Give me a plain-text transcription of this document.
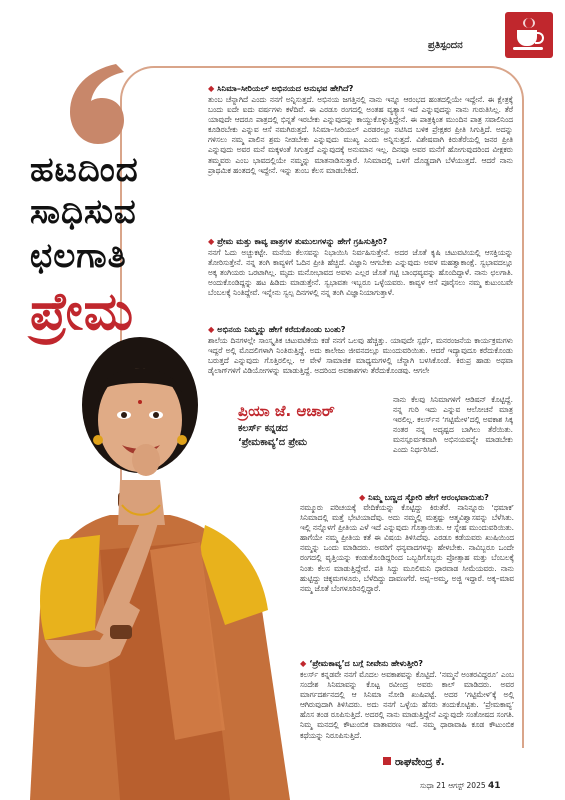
ಪ್ರತಿಸ್ಪಂದನ
ಹಟದಿಂದ
ಸಾಧಿಸುವ
ಛಲಗಾತಿ
ಪ್ರೇಮ
ಪ್ರಿಯಾ ಜೆ. ಆಚಾರ್
ಕಲರ್ಸ್ ಕನ್ನಡದ
‘ಪ್ರೇಮಕಾವ್ಯ’ದ ಪ್ರೇಮ
◆ ಸಿನಿಮಾ–ಸೀರಿಯಲ್ ಅಭಿನಯದ ಅನುಭವ ಹೇಗಿದೆ?
ತುಂಬ ಚೆನ್ನಾಗಿದೆ ಎಂದು ನನಗೆ ಅನ್ನಿಸುತ್ತದೆ. ಅಭಿನಯ ಜಗತ್ತಿನಲ್ಲಿ ನಾನು ಇನ್ನೂ ಆರಂಭದ ಹಂತದಲ್ಲಿಯೇ ಇದ್ದೇನೆ. ಈ ಕ್ಷೇತ್ರಕ್ಕೆ ಬಂದು ಐದೇ ಐದು ವರ್ಷಗಳು ಕಳೆದಿವೆ. ಈ ಎರಡೂ ರಂಗದಲ್ಲಿ ಅಂತಹ ವ್ಯತ್ಯಾಸ ಇದೆ ಎನ್ನುವುದನ್ನು ನಾನು ಗುರುತಿಸಿಲ್ಲ. ತೆರೆ ಯಾವುದೇ ಆದರೂ ಪಾತ್ರದಲ್ಲಿ ಭಿನ್ನತೆ ಇರಬೇಕು ಎನ್ನುವುದನ್ನು ಕಾಯ್ದುಕೊಳ್ಳುತ್ತಿದ್ದೇನೆ. ಈ ಪಾತ್ರಕ್ಕಿಂತ ಮುಂದಿನ ಪಾತ್ರ ಸವಾಲಿನಿಂದ ಕೂಡಿರಬೇಕು ಎನ್ನುವ ಆಸೆ ನಮಗಿರುತ್ತದೆ. ಸಿನಿಮಾ–ಸೀರಿಯಲ್ ಎರಡರಲ್ಲೂ ನಟಿಸಿದ ಬಳಿಕ ಪ್ರೇಕ್ಷಕರ ಪ್ರೀತಿ ಸಿಗುತ್ತಿದೆ. ಅದನ್ನು ಗಳಿಸಲು ನಮ್ಮ ಪಾಲಿನ ಶ್ರಮ ನೀಡಬೇಕು ಎನ್ನುವುದು ಮುಖ್ಯ ಎಂದು ಅನ್ನಿಸುತ್ತದೆ. ವಿಶೇಷವಾಗಿ ಕಿರುತೆರೆಯಲ್ಲಿ ಜನರ ಪ್ರೀತಿ ಎನ್ನುವುದು ಅವರ ಮನೆ ಮಕ್ಕಳಂತೆ ಸಿಗುತ್ತದೆ ಎನ್ನುವುದಕ್ಕೆ ಅನುಮಾನ ಇಲ್ಲ. ದಿನವೂ ಅವರ ಮನೆಗೆ ಹೋಗುವುದರಿಂದ ವೀಕ್ಷಕರು ತಮ್ಮವರು ಎಂಬ ಭಾವದಲ್ಲಿಯೇ ನಮ್ಮನ್ನು ಮಾತನಾಡಿಸುತ್ತಾರೆ. ಸಿನಿಮಾದಲ್ಲಿ ಒಳಗೆ ದೊಡ್ಡದಾಗಿ ಬೆಳೆಯುತ್ತದೆ. ಆದರೆ ನಾನು ಪ್ರಾಥಮಿಕ ಹಂತದಲ್ಲಿ ಇದ್ದೇನೆ. ಇನ್ನು ತುಂಬ ಕೆಲಸ ಮಾಡಬೇಕಿದೆ.
◆ ಪ್ರೇಮ ಮತ್ತು ಕಾವ್ಯ ಪಾತ್ರಗಳ ತುಮುಲಗಳನ್ನು ಹೇಗೆ ಗ್ರಹಿಸುತ್ತೀರಿ?
ನನಗೆ ಓದು ಅಚ್ಚುಕಟ್ಟೇ. ಮನೆಯ ಕೆಲಸವನ್ನು ನಿಭಾಯಿಸಿ ನಿರ್ವಹಿಸುತ್ತೇನೆ. ಅದರ ಜೊತೆ ಕೃಷಿ ಚಟುವಟಿಯಲ್ಲಿ ಆಸಕ್ತಿಯನ್ನು ತೋರಿಸುತ್ತೇನೆ. ನನ್ನ ತಂಗಿ ಕಾವ್ಯಳಿಗೆ ಓದಿನ ಪ್ರೀತಿ ಹೆಚ್ಚಿದೆ. ವಿಜ್ಞಾನಿ ಆಗಬೇಕು ಎನ್ನುವುದು ಅವಳ ಮಹತ್ವಾಕಾಂಕ್ಷೆ. ಸ್ವಭಾವದಲ್ಲೂ ಅಕ್ಕ ತಂಗಿಯರು ಒರಟಾಗಿಲ್ಲ. ಮೃದು ಮನೋಭಾವದ ಅವಳು ಎಲ್ಲರ ಜೊತೆ ಗಟ್ಟಿ ಬಾಂಧವ್ಯವನ್ನು ಹೊಂದಿದ್ದಾಳೆ. ನಾನು ಛಲಗಾತಿ. ಅಂದುಕೊಂಡಿದ್ದನ್ನು ಹಟ ಹಿಡಿದು ಮಾಡುತ್ತೇನೆ. ಸ್ವಭಾವತಃ ಇಬ್ಬರೂ ಒಳ್ಳೆಯವರು. ಕಾವ್ಯಳ ಆಸೆ ಪೂರೈಸಲು ನಮ್ಮ ಕುಟುಂಬವೇ ಬೆಂಬಲಕ್ಕೆ ನಿಂತಿದ್ದೇವೆ. ಇನ್ನೇನು ಸ್ವಲ್ಪ ದಿನಗಳಲ್ಲಿ ನನ್ನ ತಂಗಿ ವಿಜ್ಞಾನಿಯಾಗುತ್ತಾಳೆ.
◆ ಅಭಿನಯ ನಿಮ್ಮನ್ನು ಹೇಗೆ ಕರೆದುಕೊಂಡು ಬಂತು?
ಶಾಲೆಯ ದಿನಗಳಲ್ಲೇ ಸಾಂಸ್ಕೃತಿಕ ಚಟುವಟಿಕೆಯ ಕಡೆ ನನಗೆ ಒಲವು ಹೆಚ್ಚಿತ್ತು. ಯಾವುದೇ ಸ್ಪರ್ಧೆ, ಮನರಂಜನೆಯ ಕಾರ್ಯಕ್ರಮಗಳು ಇದ್ದರೆ ಅಲ್ಲಿ ಮೊದಲಿಗಳಾಗಿ ನಿಂತಿರುತ್ತಿದ್ದೆ. ಅದು ಕಾಲೇಜು ಜೀವನದಲ್ಲೂ ಮುಂದುವರಿಯಿತು. ಆದರೆ ಇದ್ಯಾವುದೂ ಕರೆದುಕೊಂಡು ಬರುತ್ತದೆ ಎನ್ನುವುದು ಗೊತ್ತಿರಲಿಲ್ಲ. ಆ ವೇಳೆ ಸಾಮಾಜಿಕ ಮಾಧ್ಯಮಗಳಲ್ಲಿ ಚೆನ್ನಾಗಿ ಬಳಸಿಕೊಂಡೆ. ಕಿರುಪ್ರ ಹಾಡು ಅಥವಾ ಡೈಲಾಗ್‌ಗಳಿಗೆ ವಿಡಿಯೋಗಳನ್ನು ಮಾಡುತ್ತಿದ್ದೆ. ಅದರಿಂದ ಅವಕಾಶಗಳು ತೆರೆದುಕೊಂಡವು. ಆಗಲೇ
ನಾನು ಕೆಲವು ಸಿನಿಮಾಗಳಿಗೆ ಆಡಿಷನ್ ಕೊಟ್ಟಿದ್ದೆ. ನನ್ನ ಗುರಿ ಇದು ಎನ್ನುವ ಆಲೋಚನೆ ಮಾತ್ರ ಇರಲಿಲ್ಲ. ಕಲರ್ಸ್‌ನ ‘ಗಟ್ಟಿಮೇಳ’ದಲ್ಲಿ ಅವಕಾಶ ಸಿಕ್ಕ ನಂತರ ನನ್ನ ಅದೃಷ್ಟದ ಬಾಗಿಲು ತೆರೆಯಿತು. ಮನಸ್ಪೂರ್ವಕವಾಗಿ ಅಭಿನಯವನ್ನೇ ಮಾಡಬೇಕು ಎಂದು ನಿರ್ಧರಿಸಿದೆ.
◆ ನಿಮ್ಮ ಬಣ್ಣದ ಸ್ಟೋರಿ ಹೇಗೆ ಆರಂಭವಾಯಿತು?
ನಮ್ಮೂರು ಪರಿಚಯಕ್ಕೆ ವೇದಿಕೆಯನ್ನು ಕೊಟ್ಟಿದ್ದು ಕಿರುತೆರೆ. ನಾನಿನ್ನೂರು ‘ಧಮಾಕ’ ಸಿನಿಮಾದಲ್ಲಿ ಮತ್ತೆ ಭೇಟಿಯಾದೆವು. ಅದು ನಮ್ಮಲ್ಲಿ ಮತ್ತಷ್ಟು ಆತ್ಮವಿಶ್ವಾಸವನ್ನು ಬೆಳೆಸಿತು. ಇಲ್ಲಿ ನನ್ನೊಳಗೆ ಪ್ರೀತಿಯ ಎಳೆ ಇದೆ ಎನ್ನುವುದು ಗೊತ್ತಾಯಿತು. ಆ ಸ್ನೇಹ ಮುಂದುವರಿಯಿತು. ಹಾಗೆಯೇ ನಮ್ಮ ಪ್ರೀತಿಯ ಕತೆ ಈ ವಿಷಯ ತಿಳಿಸಿದೆವು. ಎರಡೂ ಕಡೆಯವರು ಖುಷಿಯಿಂದ ನಮ್ಮನ್ನು ಒಂದು ಮಾಡಿದರು. ಅವರಿಗೆ ಧನ್ಯವಾದಗಳನ್ನು ಹೇಳಬೇಕು. ನಾವಿಬ್ಬರೂ ಒಂದೇ ರಂಗದಲ್ಲಿ ವೃತ್ತಿಯನ್ನು ಕಂಡುಕೊಂಡಿದ್ದರಿಂದ ಒಬ್ಬರಿಗೊಬ್ಬರು ಪ್ರೋತ್ಸಾಹ ಮತ್ತು ಬೆಂಬಲಕ್ಕೆ ನಿಂತು ಕೆಲಸ ಮಾಡುತ್ತಿದ್ದೇವೆ. ಪತಿ ಸಿದ್ದು ಮೂಲಿಮನಿ ಧಾರವಾಡ ಸೀಮೆಯವರು. ನಾನು ಹುಟ್ಟಿದ್ದು ಚಿಕ್ಕಮಗಳೂರು, ಬೆಳೆದಿದ್ದು ದಾವಣಗೆರೆ. ಅಪ್ಪ–ಅಮ್ಮ, ಅಜ್ಜಿ ಇದ್ದಾರೆ. ಅಕ್ಕ–ಮಾವ ನಮ್ಮ ಜೊತೆ ಬೆಂಗಳೂರಿನಲ್ಲಿದ್ದಾರೆ.
◆ ‘ಪ್ರೇಮಕಾವ್ಯ’ದ ಬಗ್ಗೆ ನೀವೇನು ಹೇಳುತ್ತೀರಿ?
ಕಲರ್ಸ್ ಕನ್ನಡವೇ ನನಗೆ ಮೊದಲ ಅವಕಾಶವನ್ನು ಕೊಟ್ಟಿದೆ. ‘ನಮ್ಮನೆ ಅಂತರವಿದ್ದರೂ’ ಎಂಬ ಸಂದೇಶ ಸಿನಿಮಾವನ್ನು ಕೊಟ್ಟ ರವೀಂದ್ರ ಅವರು ಕಾಲ್ ಮಾಡಿದರು. ಅವರ ಮಾರ್ಗದರ್ಶನದಲ್ಲಿ ಆ ಸಿನಿಮಾ ನೋಡಿ ಖುಷಿಪಟ್ಟೆ. ಅದರ ‘ಗಟ್ಟಿಮೇಳ’ಕ್ಕೆ ಅಲ್ಲಿ ಆಗಿರುವುದಾಗಿ ತಿಳಿಸಿದರು. ಅದು ನನಗೆ ಒಳ್ಳೆಯ ಹೆಸರು ತಂದುಕೊಟ್ಟಿತು. ‘ಪ್ರೇಮಕಾವ್ಯ’ ಹೊಸ ತಂಡ ರೂಪಿಸುತ್ತಿದೆ. ಅದರಲ್ಲಿ ನಾನು ಮಾಡುತ್ತಿದ್ದೇನೆ ಎನ್ನುವುದೇ ಸಂತೋಷದ ಸಂಗತಿ. ನಿಮ್ಮ ಮನದಲ್ಲಿ ಕೌಟುಂಬಿಕ ವಾತಾವರಣ ಇದೆ. ನಮ್ಮ ಧಾರಾವಾಹಿ ಕೂಡ ಕೌಟುಂಬಿಕ ಕಥೆಯನ್ನು ನಿರೂಪಿಸುತ್ತಿದೆ.
ರಾಘವೇಂದ್ರ ಕೆ.
ಸುಧಾ 21 ಆಗಸ್ಟ್ 2025 41
